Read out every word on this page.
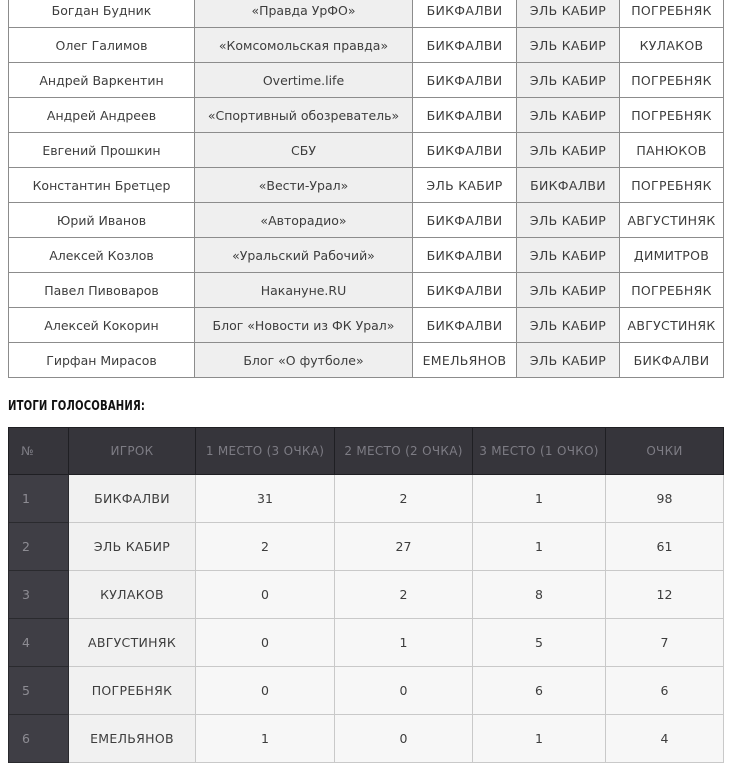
Богдан Будник	«Правда УрФО»	БИКФАЛВИ	ЭЛЬ КАБИР	ПОГРЕБНЯК
Олег Галимов	«Комсомольская правда»	БИКФАЛВИ	ЭЛЬ КАБИР	КУЛАКОВ
Андрей Варкентин	Overtime.life	БИКФАЛВИ	ЭЛЬ КАБИР	ПОГРЕБНЯК
Андрей Андреев	«Спортивный обозреватель»	БИКФАЛВИ	ЭЛЬ КАБИР	ПОГРЕБНЯК
Евгений Прошкин	СБУ	БИКФАЛВИ	ЭЛЬ КАБИР	ПАНЮКОВ
Константин Бретцер	«Вести-Урал»	ЭЛЬ КАБИР	БИКФАЛВИ	ПОГРЕБНЯК
Юрий Иванов	«Авторадио»	БИКФАЛВИ	ЭЛЬ КАБИР	АВГУСТИНЯК
Алексей Козлов	«Уральский Рабочий»	БИКФАЛВИ	ЭЛЬ КАБИР	ДИМИТРОВ
Павел Пивоваров	Накануне.RU	БИКФАЛВИ	ЭЛЬ КАБИР	ПОГРЕБНЯК
Алексей Кокорин	Блог «Новости из ФК Урал»	БИКФАЛВИ	ЭЛЬ КАБИР	АВГУСТИНЯК
Гирфан Мирасов	Блог «О футболе»	ЕМЕЛЬЯНОВ	ЭЛЬ КАБИР	БИКФАЛВИ
ИТОГИ ГОЛОСОВАНИЯ:
№	ИГРОК	1 МЕСТО (3 ОЧКА)	2 МЕСТО (2 ОЧКА)	3 МЕСТО (1 ОЧКО)	ОЧКИ
1	БИКФАЛВИ	31	2	1	98
2	ЭЛЬ КАБИР	2	27	1	61
3	КУЛАКОВ	0	2	8	12
4	АВГУСТИНЯК	0	1	5	7
5	ПОГРЕБНЯК	0	0	6	6
6	ЕМЕЛЬЯНОВ	1	0	1	4
